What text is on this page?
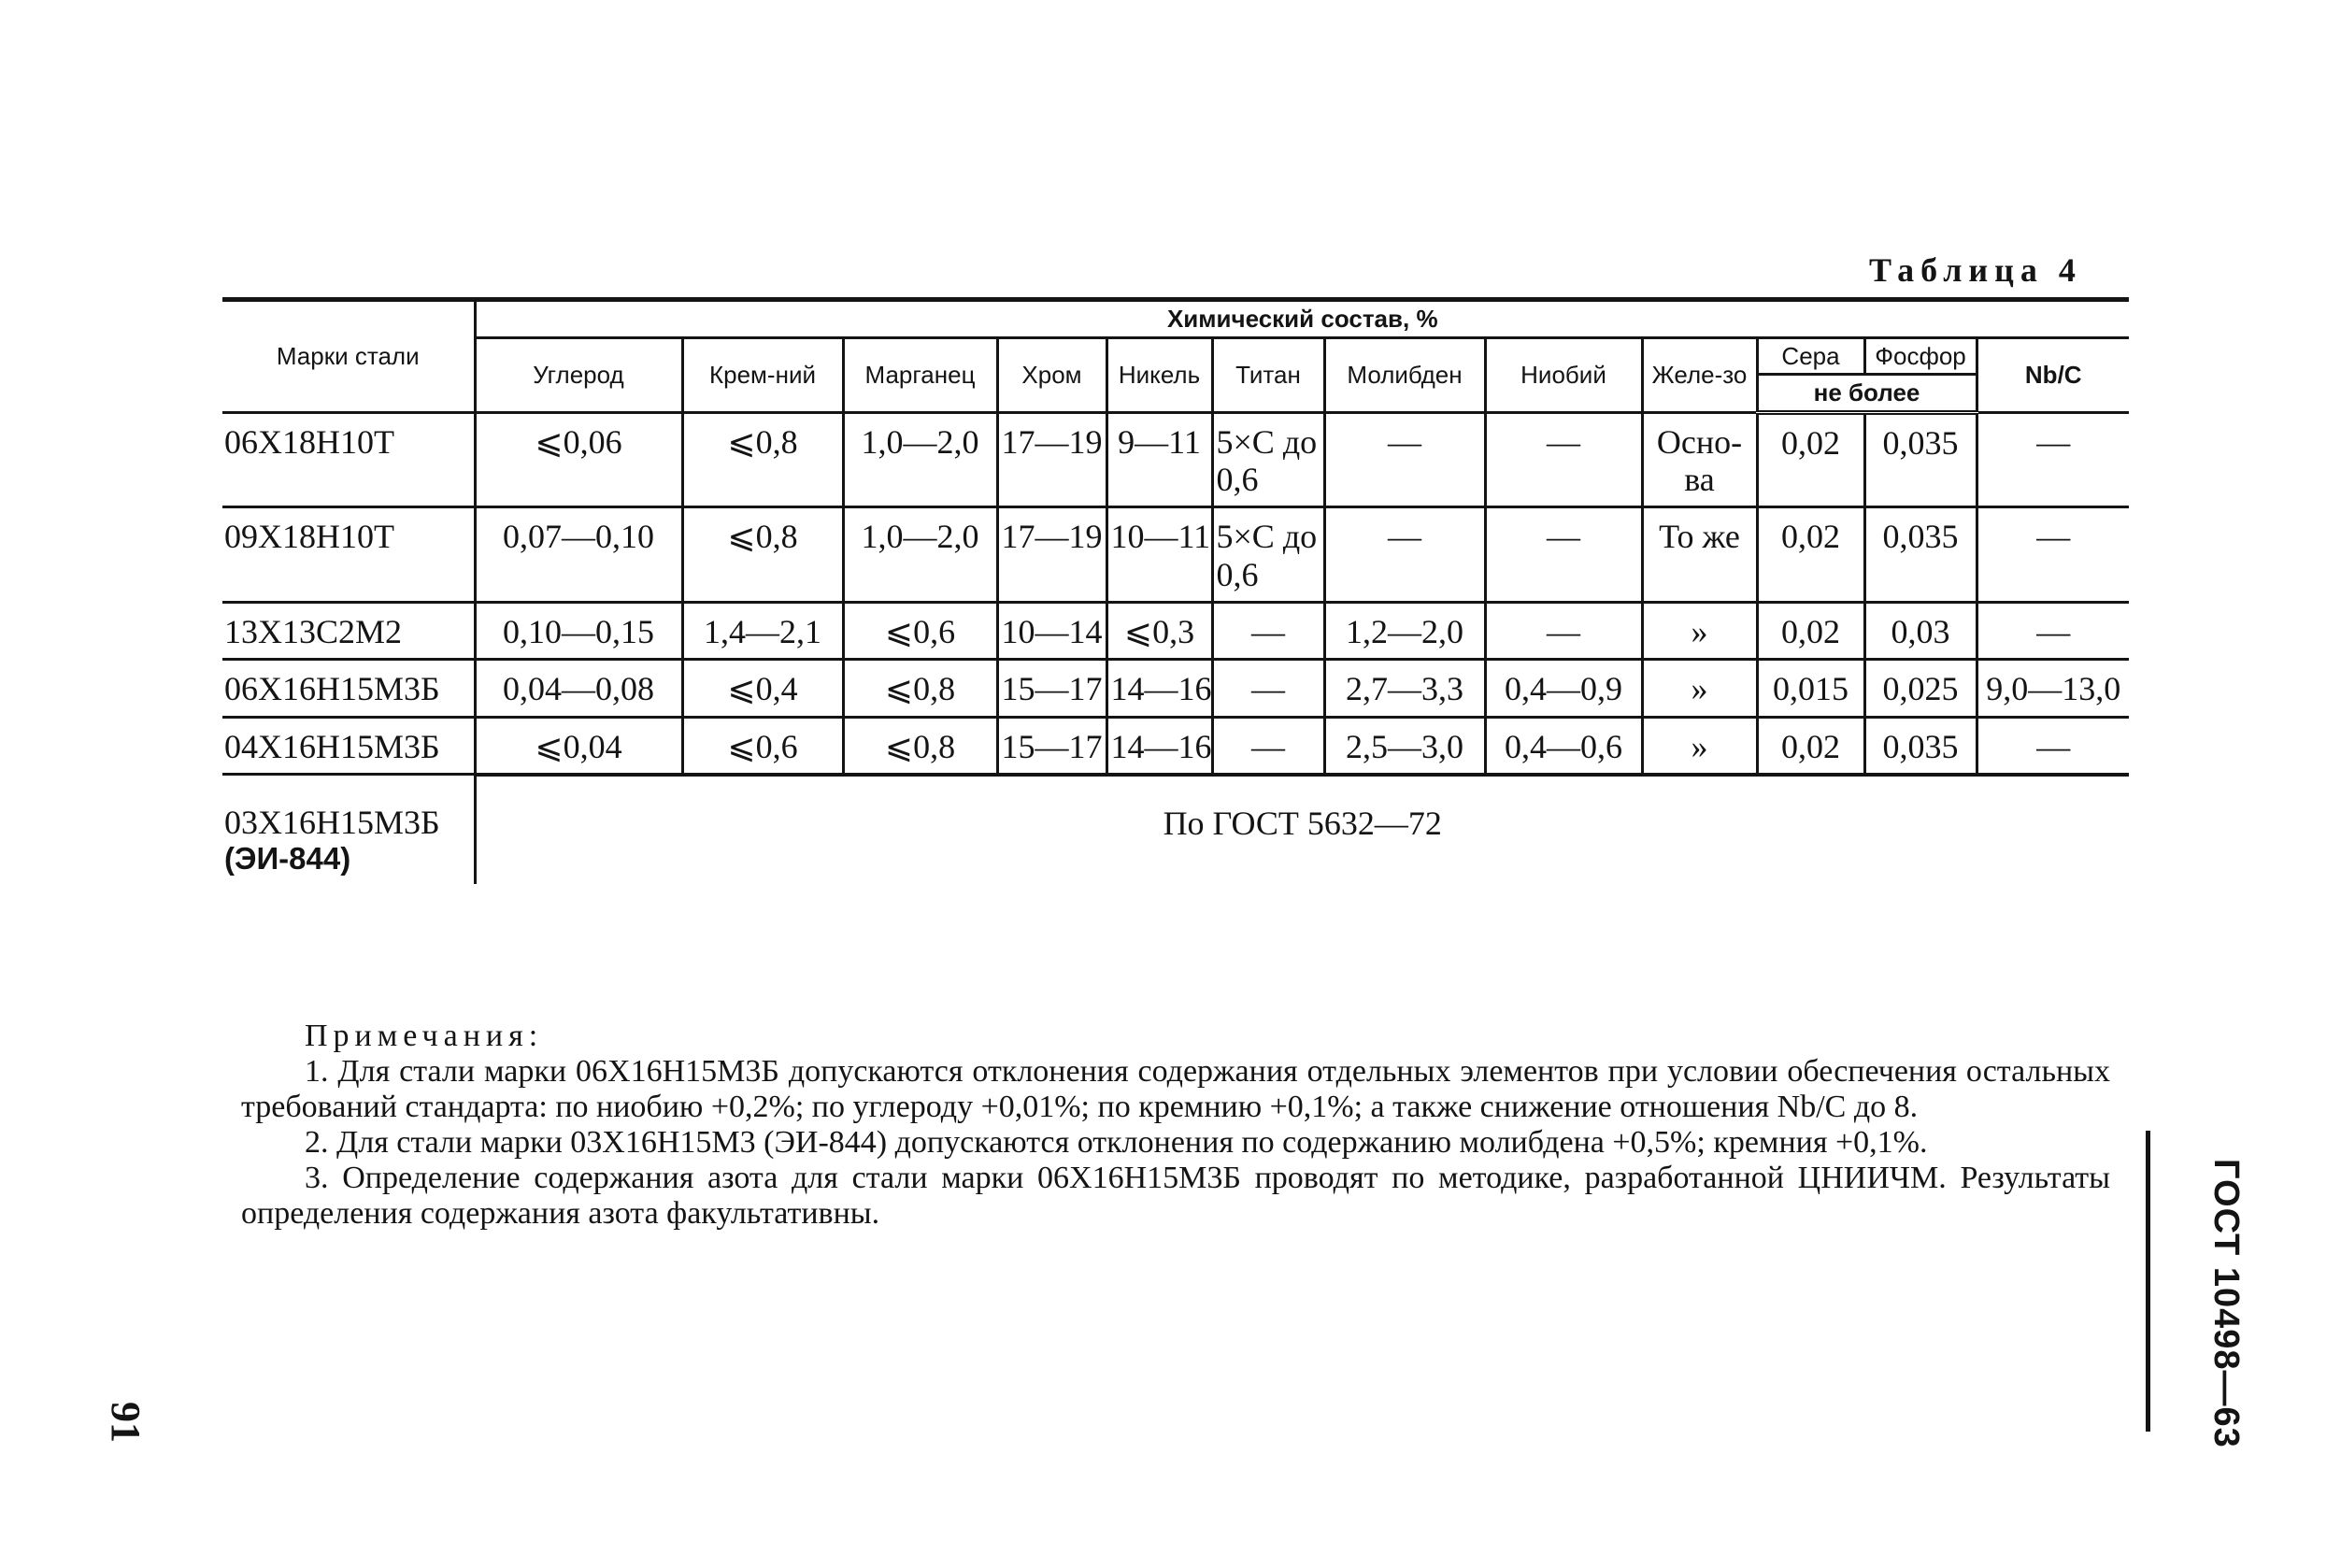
Таблица 4
Марки стали	Химический состав, %											
	Углерод	Крем-ний	Марганец	Хром	Никель	Титан	Молибден	Ниобий	Желе-зо	Сера	Фосфор	Nb/C
										не более		
06Х18Н10Т	⩽0,06	⩽0,8	1,0—2,0	17—19	9—11	5×C до 0,6	—	—	Осно-ва	0,02	0,035	—
09Х18Н10Т	0,07—0,10	⩽0,8	1,0—2,0	17—19	10—11	5×C до 0,6	—	—	То же	0,02	0,035	—
13Х13С2М2	0,10—0,15	1,4—2,1	⩽0,6	10—14	⩽0,3	—	1,2—2,0	—	»	0,02	0,03	—
06Х16Н15М3Б	0,04—0,08	⩽0,4	⩽0,8	15—17	14—16	—	2,7—3,3	0,4—0,9	»	0,015	0,025	9,0—13,0
04Х16Н15М3Б	⩽0,04	⩽0,6	⩽0,8	15—17	14—16	—	2,5—3,0	0,4—0,6	»	0,02	0,035	—

03Х16Н15М3Б
(ЭИ-844)	По ГОСТ 5632—72											

Примечания:

1. Для стали марки 06Х16Н15М3Б допускаются отклонения содержания отдельных элементов при условии обеспечения остальных требований стандарта: по ниобию +0,2%; по углероду +0,01%; по кремнию +0,1%; а также снижение отношения Nb/C до 8.

2. Для стали марки 03Х16Н15М3 (ЭИ-844) допускаются отклонения по содержанию молибдена +0,5%; кремния +0,1%.

3. Определение содержания азота для стали марки 06Х16Н15М3Б проводят по методике, разработанной ЦНИИЧМ. Результаты определения содержания азота факультативны.

91	ГОСТ 10498—63
